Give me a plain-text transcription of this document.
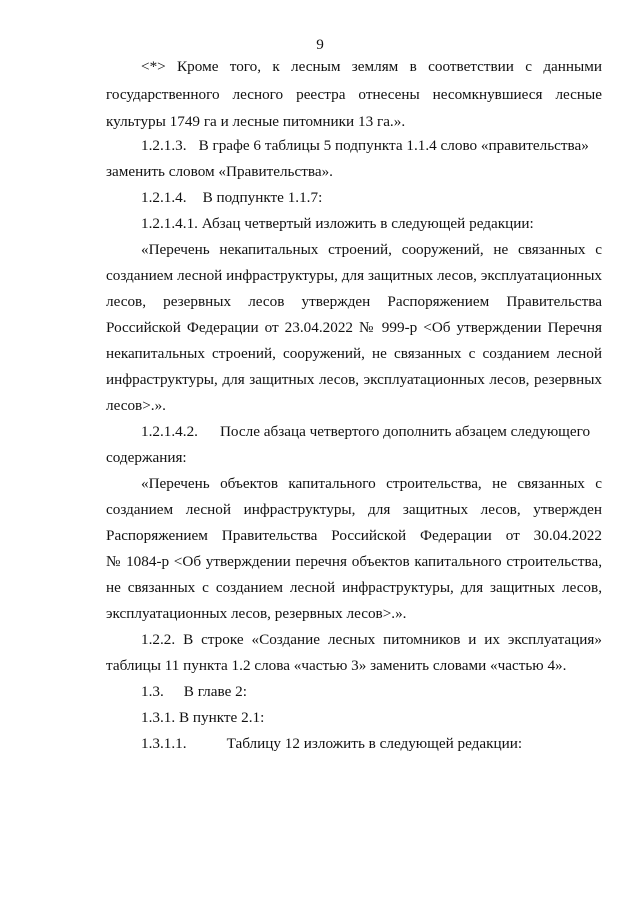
9
<*> Кроме того, к лесным землям в соответствии с данными
государственного лесного реестра отнесены несомкнувшиеся лесные
культуры 1749 га и лесные питомники 13 га.».
1.2.1.3. В графе 6 таблицы 5 подпункта 1.1.4 слово «правительства»
заменить словом «Правительства».
1.2.1.4. В подпункте 1.1.7:
1.2.1.4.1. Абзац четвертый изложить в следующей редакции:
«Перечень некапитальных строений, сооружений, не связанных с
созданием лесной инфраструктуры, для защитных лесов, эксплуатационных
лесов, резервных лесов утвержден Распоряжением Правительства
Российской Федерации от 23.04.2022 № 999-р <Об утверждении Перечня
некапитальных строений, сооружений, не связанных с созданием лесной
инфраструктуры, для защитных лесов, эксплуатационных лесов, резервных
лесов>.».
1.2.1.4.2. После абзаца четвертого дополнить абзацем следующего
содержания:
«Перечень объектов капитального строительства, не связанных с
созданием лесной инфраструктуры, для защитных лесов, утвержден
Распоряжением Правительства Российской Федерации от 30.04.2022
№ 1084-р <Об утверждении перечня объектов капитального строительства,
не связанных с созданием лесной инфраструктуры, для защитных лесов,
эксплуатационных лесов, резервных лесов>.».
1.2.2. В строке «Создание лесных питомников и их эксплуатация»
таблицы 11 пункта 1.2 слова «частью 3» заменить словами «частью 4».
1.3. В главе 2:
1.3.1. В пункте 2.1:
1.3.1.1.	Таблицу 12 изложить в следующей редакции:
